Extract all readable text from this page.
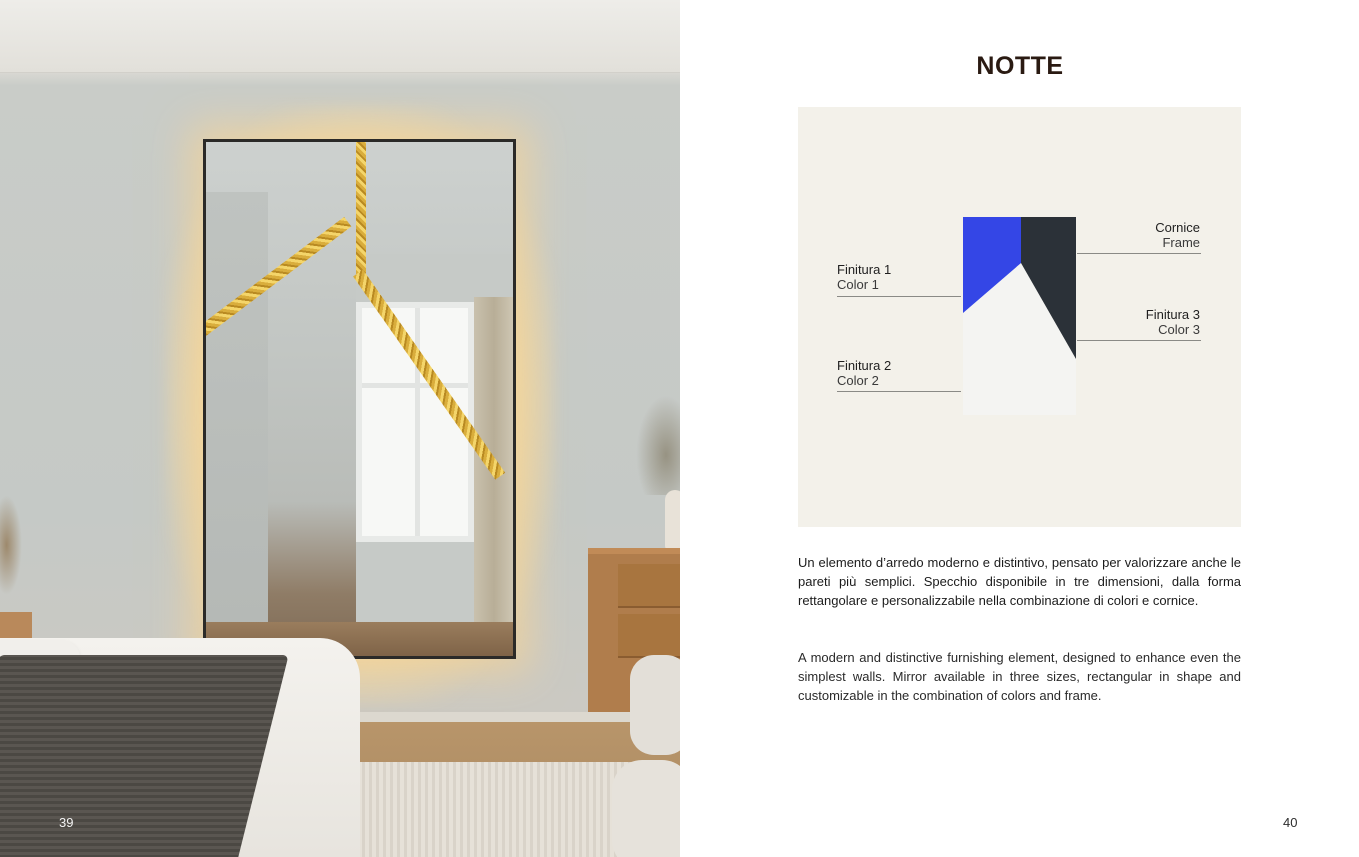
39
NOTTE
Cornice
Frame
Finitura 1
Color 1
Finitura 3
Color 3
Finitura 2
Color 2
Un elemento d’arredo moderno e distintivo, pensato per valorizzare anche le pareti più semplici. Specchio disponibile in tre dimensioni, dalla forma rettangolare e personalizzabile nella combinazione di colori e cornice.
A modern and distinctive furnishing element, designed to enhance even the simplest walls. Mirror available in three sizes, rectangular in shape and customizable in the combination of colors and frame.
40
